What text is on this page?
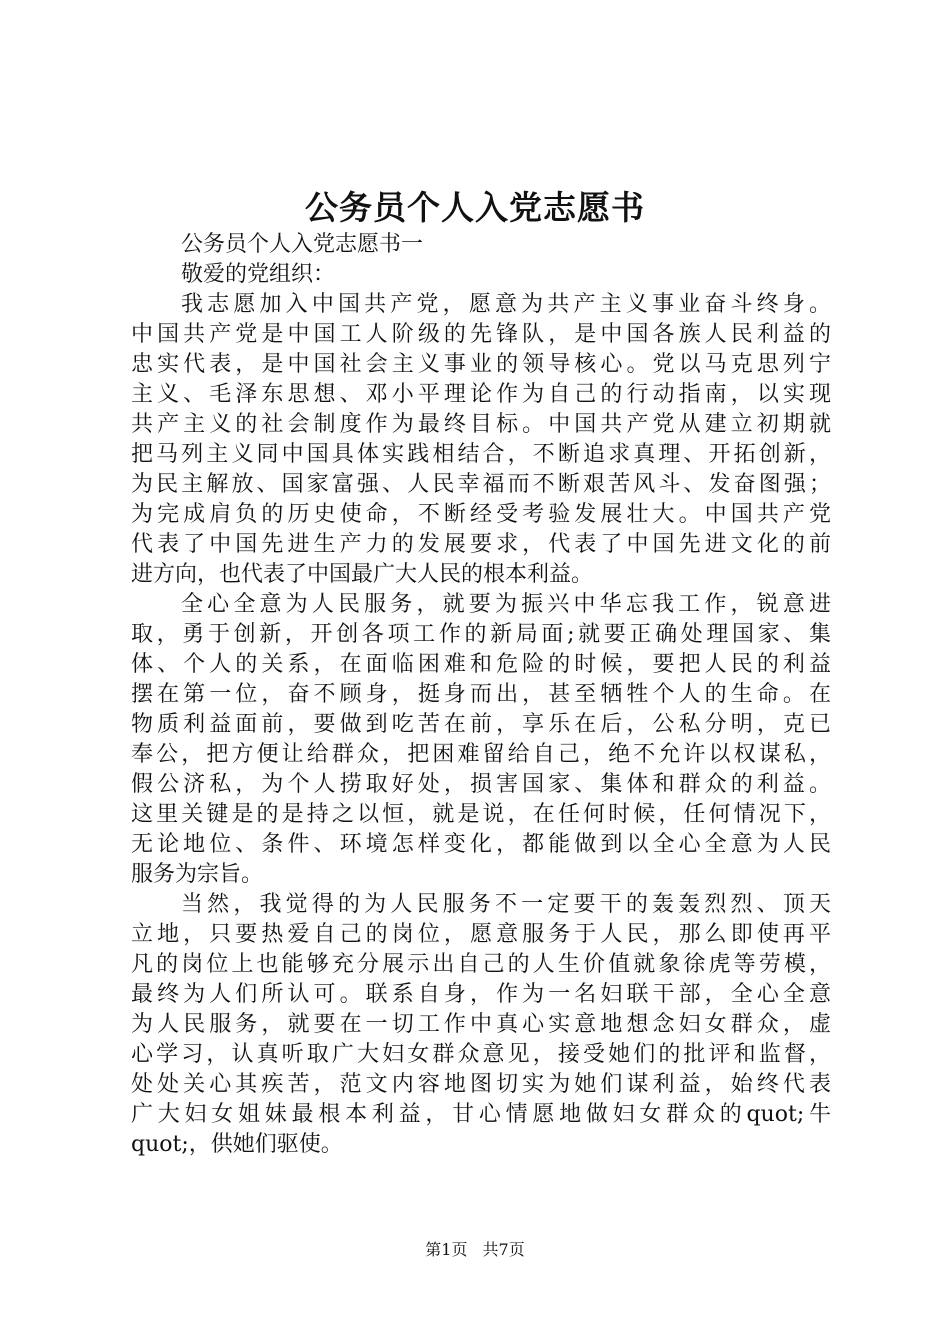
公务员个人入党志愿书

公务员个人入党志愿书一

敬爱的党组织：

我志愿加入中国共产党，愿意为共产主义事业奋斗终身。

中国共产党是中国工人阶级的先锋队，是中国各族人民利益的

忠实代表，是中国社会主义事业的领导核心。党以马克思列宁

主义、毛泽东思想、邓小平理论作为自己的行动指南，以实现

共产主义的社会制度作为最终目标。中国共产党从建立初期就

把马列主义同中国具体实践相结合，不断追求真理、开拓创新，

为民主解放、国家富强、人民幸福而不断艰苦风斗、发奋图强；

为完成肩负的历史使命，不断经受考验发展壮大。中国共产党

代表了中国先进生产力的发展要求，代表了中国先进文化的前

进方向，也代表了中国最广大人民的根本利益。

全心全意为人民服务，就要为振兴中华忘我工作，锐意进

取，勇于创新，开创各项工作的新局面;就要正确处理国家、集

体、个人的关系，在面临困难和危险的时候，要把人民的利益

摆在第一位，奋不顾身，挺身而出，甚至牺牲个人的生命。在

物质利益面前，要做到吃苦在前，享乐在后，公私分明，克已

奉公，把方便让给群众，把困难留给自己，绝不允许以权谋私，

假公济私，为个人捞取好处，损害国家、集体和群众的利益。

这里关键是的是持之以恒，就是说，在任何时候，任何情况下，

无论地位、条件、环境怎样变化，都能做到以全心全意为人民

服务为宗旨。

当然，我觉得的为人民服务不一定要干的轰轰烈烈、顶天

立地，只要热爱自己的岗位，愿意服务于人民，那么即使再平

凡的岗位上也能够充分展示出自己的人生价值就象徐虎等劳模，

最终为人们所认可。联系自身，作为一名妇联干部，全心全意

为人民服务，就要在一切工作中真心实意地想念妇女群众，虚

心学习，认真听取广大妇女群众意见，接受她们的批评和监督，

处处关心其疾苦，范文内容地图切实为她们谋利益，始终代表

广大妇女姐妹最根本利益，甘心情愿地做妇女群众的quot;牛

quot;，供她们驱使。

第1页 共7页
